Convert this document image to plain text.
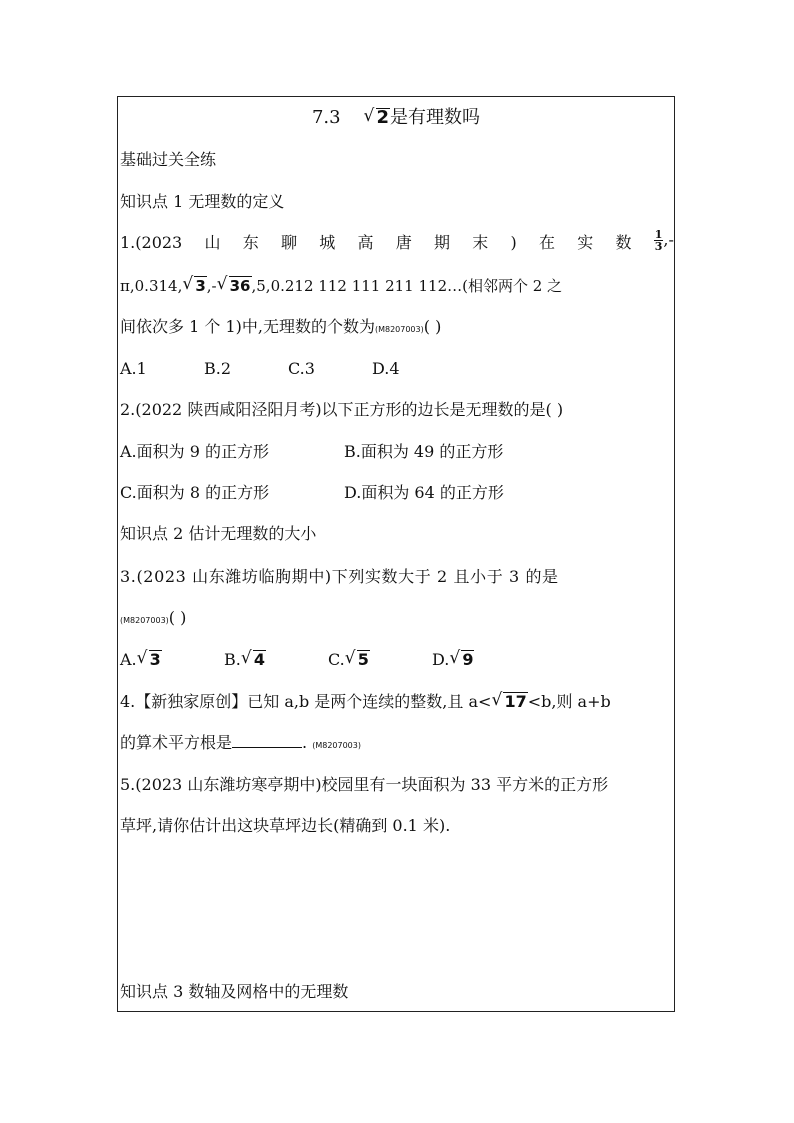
7.3 √ 2是有理数吗
基础过关全练
知识点 1 无理数的定义
1.(2023 山 东 聊 城 高 唐 期 末 ) 在 实 数 $\frac{1}{3}$ ,-
π,0.314, √ 3,- √ 36,5,0.212 112 111 211 112…(相邻两个 2 之
间依次多 1 个 1)中,无理数的个数为(M8207003)( )
A.1	B.2	C.3	D.4
2.(2022 陕西咸阳泾阳月考)以下正方形的边长是无理数的是( )
A.面积为 9 的正方形	B.面积为 49 的正方形
C.面积为 8 的正方形	D.面积为 64 的正方形
知识点 2 估计无理数的大小
3.(2023 山东潍坊临朐期中)下列实数大于 2 且小于 3 的是
(M8207003)( )
A. √ 3	B. √ 4	C. √ 5	D. √ 9
4.【新独家原创】已知 a,b 是两个连续的整数,且 a< √ 17<b,则 a+b
的算术平方根是	. (M8207003)
5.(2023 山东潍坊寒亭期中)校园里有一块面积为 33 平方米的正方形
草坪,请你估计出这块草坪边长(精确到 0.1 米).
知识点 3 数轴及网格中的无理数
